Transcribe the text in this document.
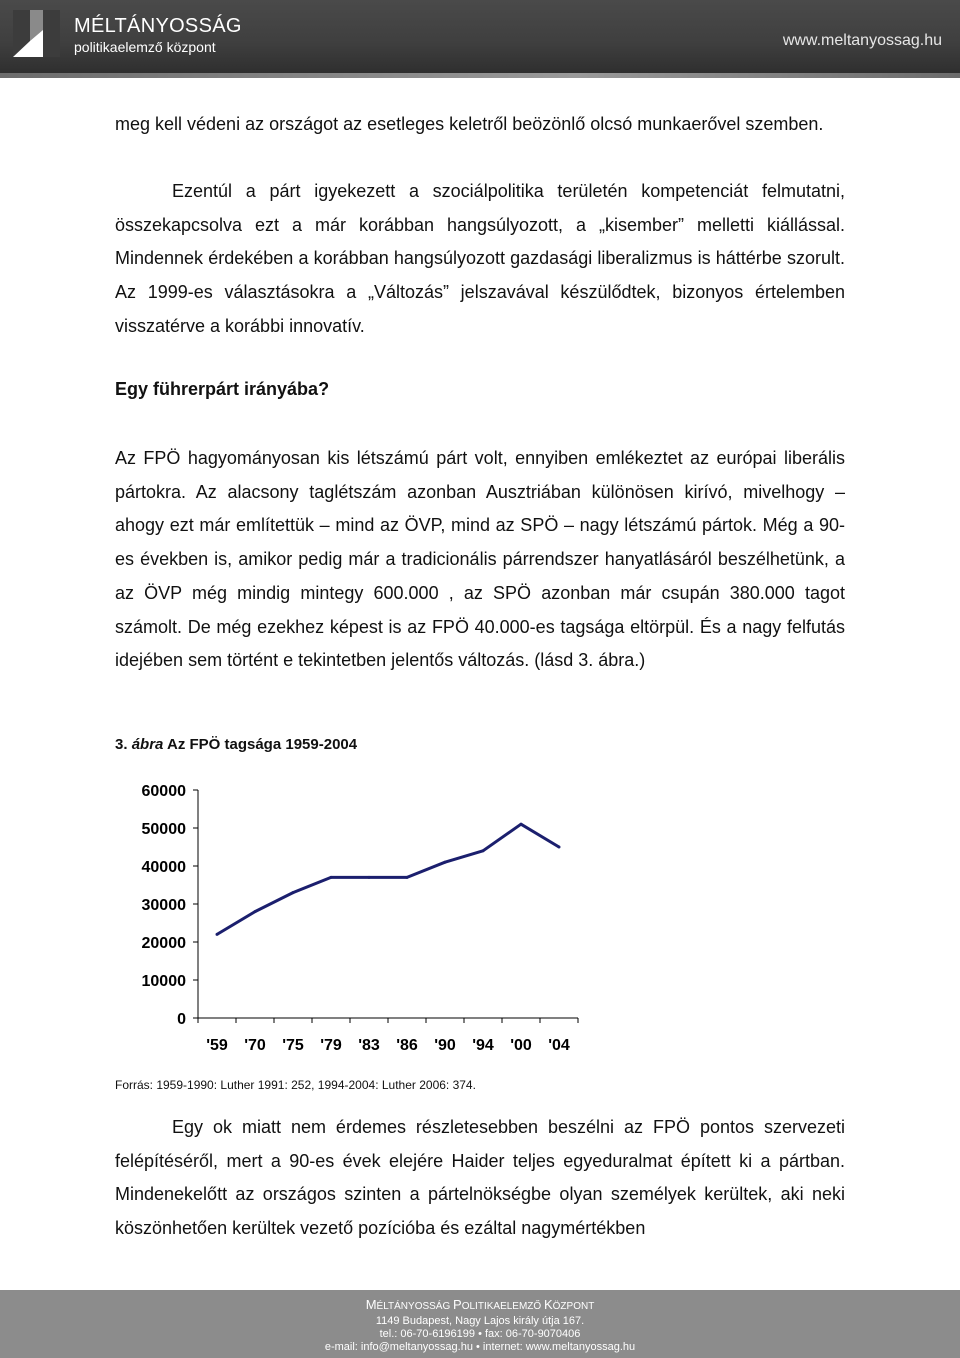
MÉLTÁNYOSSÁG
politikaelemző központ	www.meltanyossag.hu
meg kell védeni az országot az esetleges keletről beözönlő olcsó munkaerővel szemben.
Ezentúl a párt igyekezett a szociálpolitika területén kompetenciát felmutatni, összekapcsolva ezt a már korábban hangsúlyozott, a „kisember” melletti kiállással. Mindennek érdekében a korábban hangsúlyozott gazdasági liberalizmus is háttérbe szorult. Az 1999-es választásokra a „Változás” jelszavával készülődtek, bizonyos értelemben visszatérve a korábbi innovatív.
Egy führerpárt irányába?
Az FPÖ hagyományosan kis létszámú párt volt, ennyiben emlékeztet az európai liberális pártokra. Az alacsony taglétszám azonban Ausztriában különösen kirívó, mivelhogy – ahogy ezt már említettük – mind az ÖVP, mind az SPÖ – nagy létszámú pártok. Még a 90-es években is, amikor pedig már a tradicionális párrendszer hanyatlásáról beszélhetünk, a az ÖVP még mindig mintegy 600.000 , az SPÖ azonban már csupán 380.000 tagot számolt. De még ezekhez képest is az FPÖ 40.000-es tagsága eltörpül. És a nagy felfutás idejében sem történt e tekintetben jelentős változás. (lásd 3. ábra.)
3. ábra Az FPÖ tagsága 1959-2004
60000
50000
40000
30000
20000
10000
0
'59 '70 '75 '79 '83 '86 '90 '94 '00 '04
Forrás: 1959-1990: Luther 1991: 252, 1994-2004: Luther 2006: 374.
Egy ok miatt nem érdemes részletesebben beszélni az FPÖ pontos szervezeti felépítéséről, mert a 90-es évek elejére Haider teljes egyeduralmat épített ki a pártban. Mindenekelőtt az országos szinten a pártelnökségbe olyan személyek kerültek, aki neki köszönhetően kerültek vezető pozícióba és ezáltal nagymértékben
MÉLTÁNYOSSÁG POLITIKAELEMZŐ KÖZPONT
1149 Budapest, Nagy Lajos király útja 167.
tel.: 06-70-6196199 • fax: 06-70-9070406
e-mail: info@meltanyossag.hu • internet: www.meltanyossag.hu
